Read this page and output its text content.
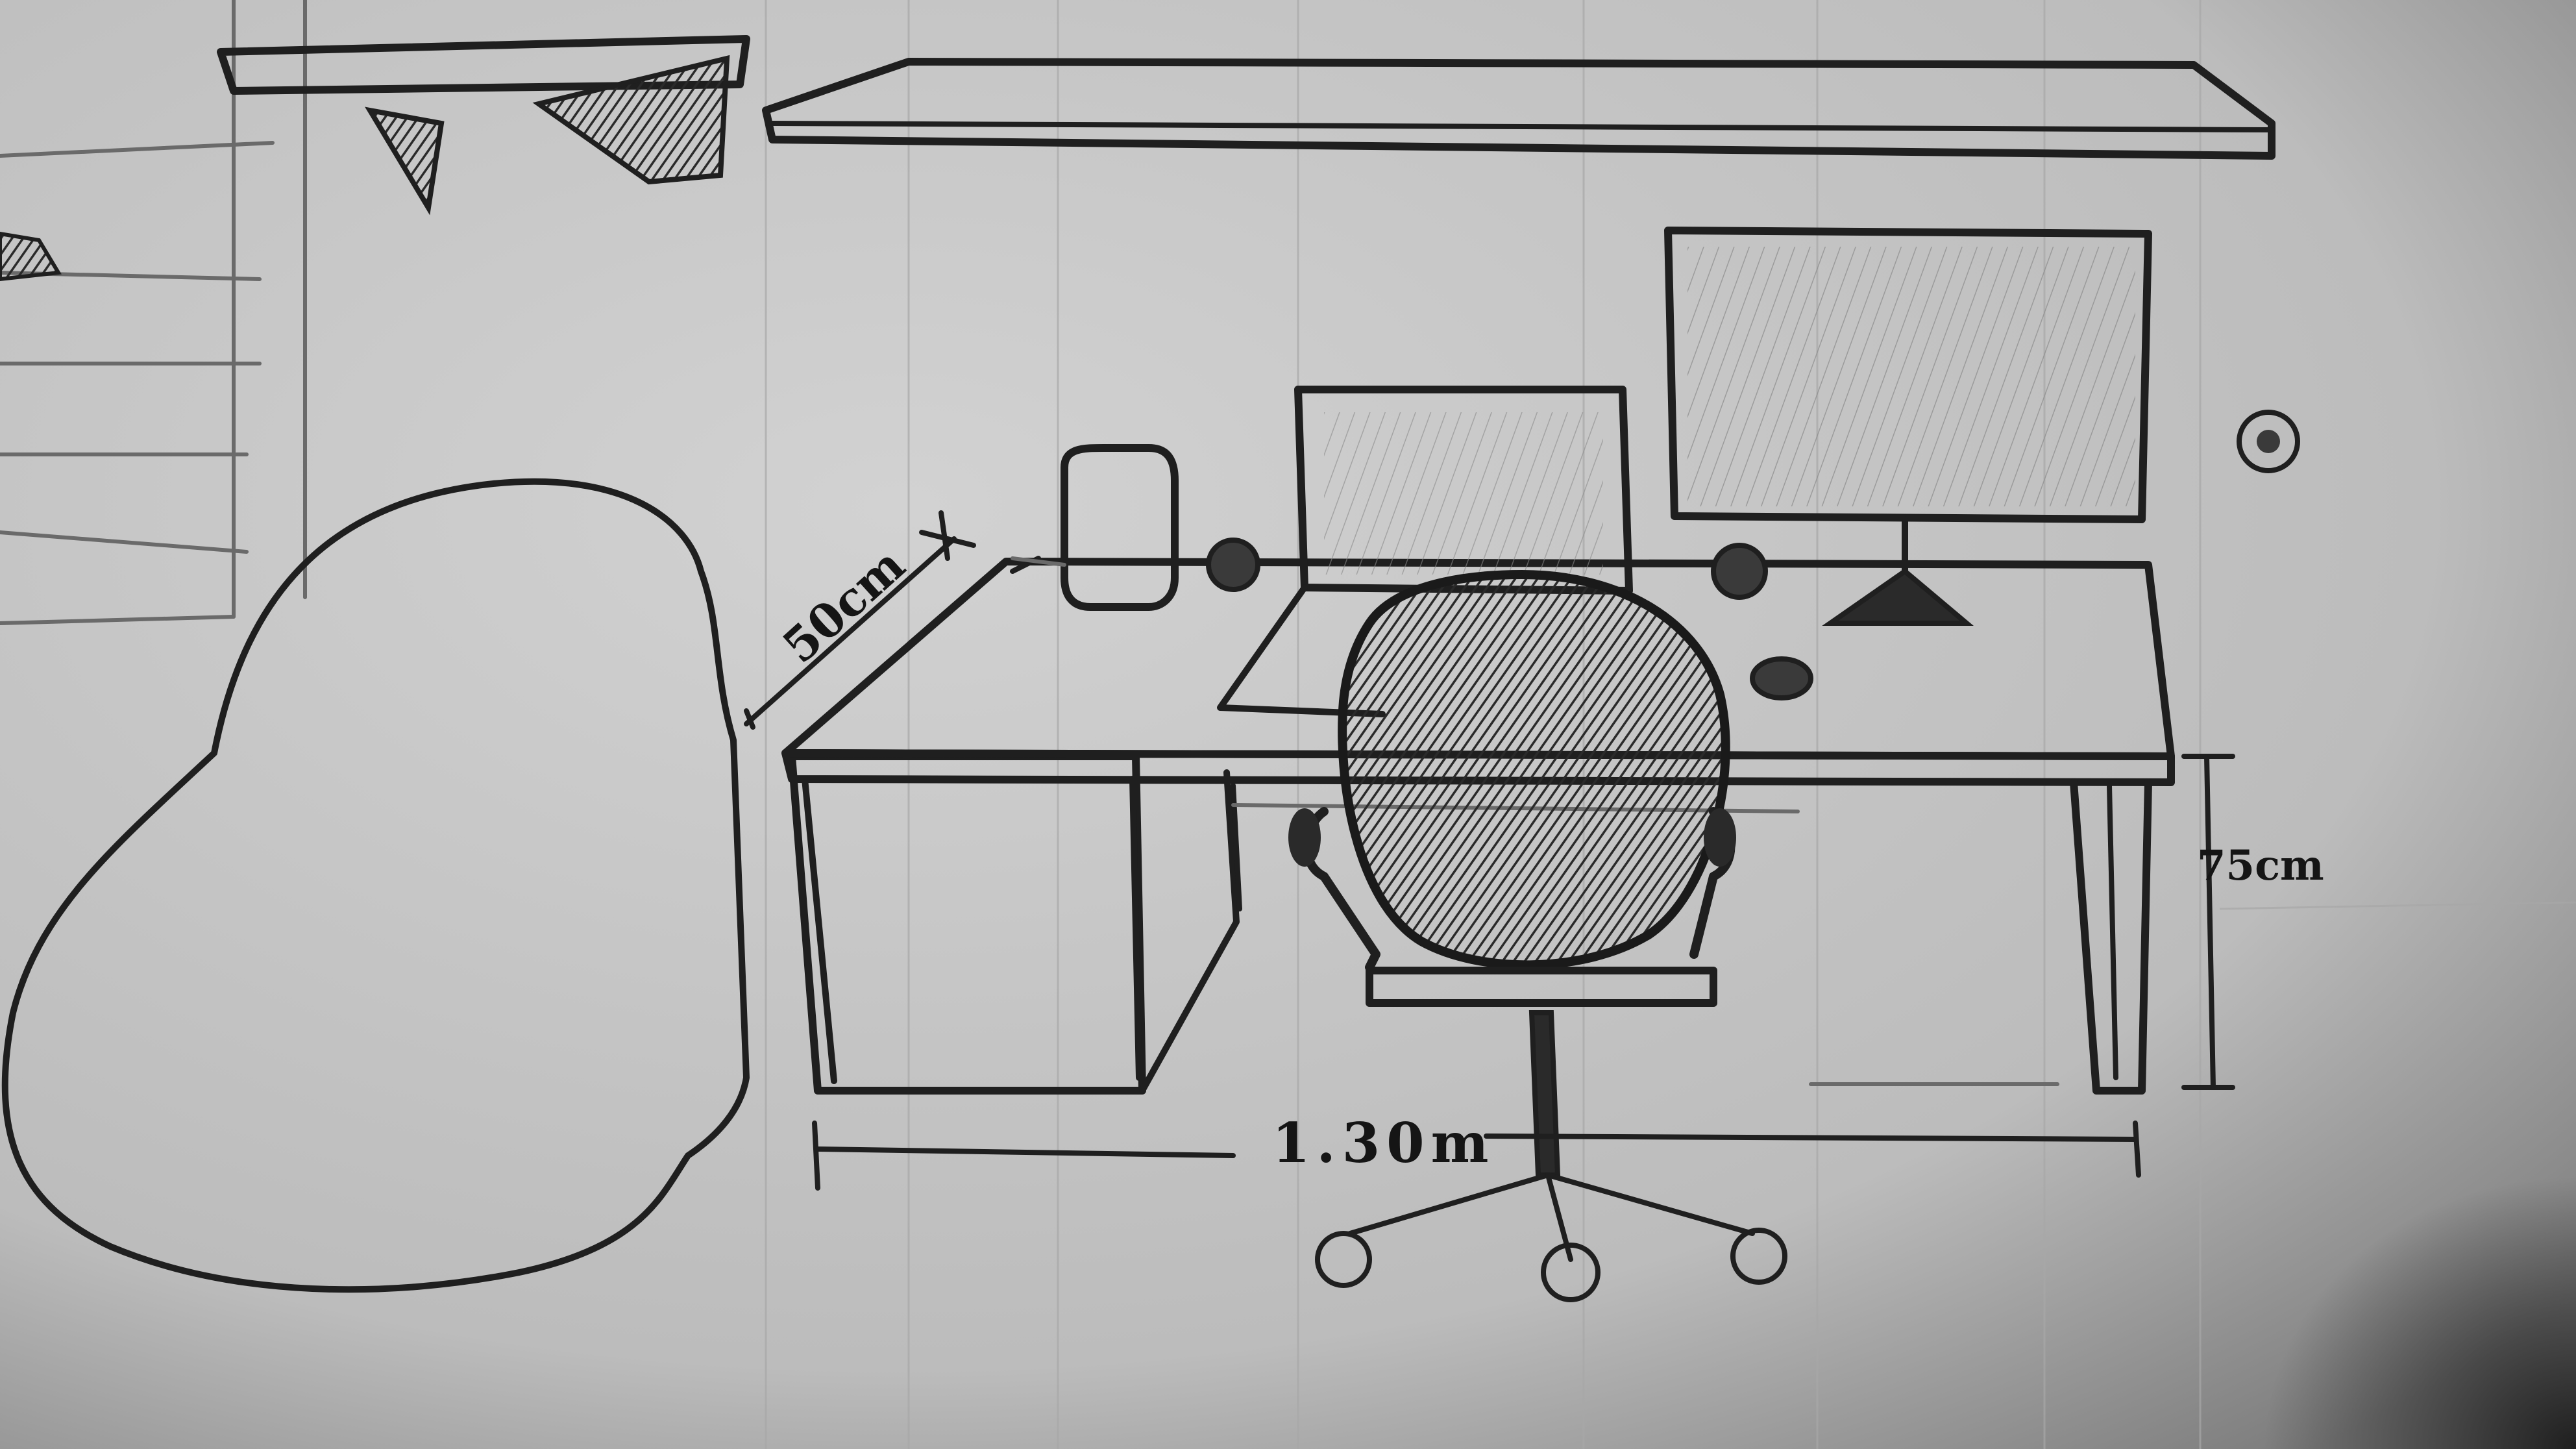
50cm
75cm
1.30m
